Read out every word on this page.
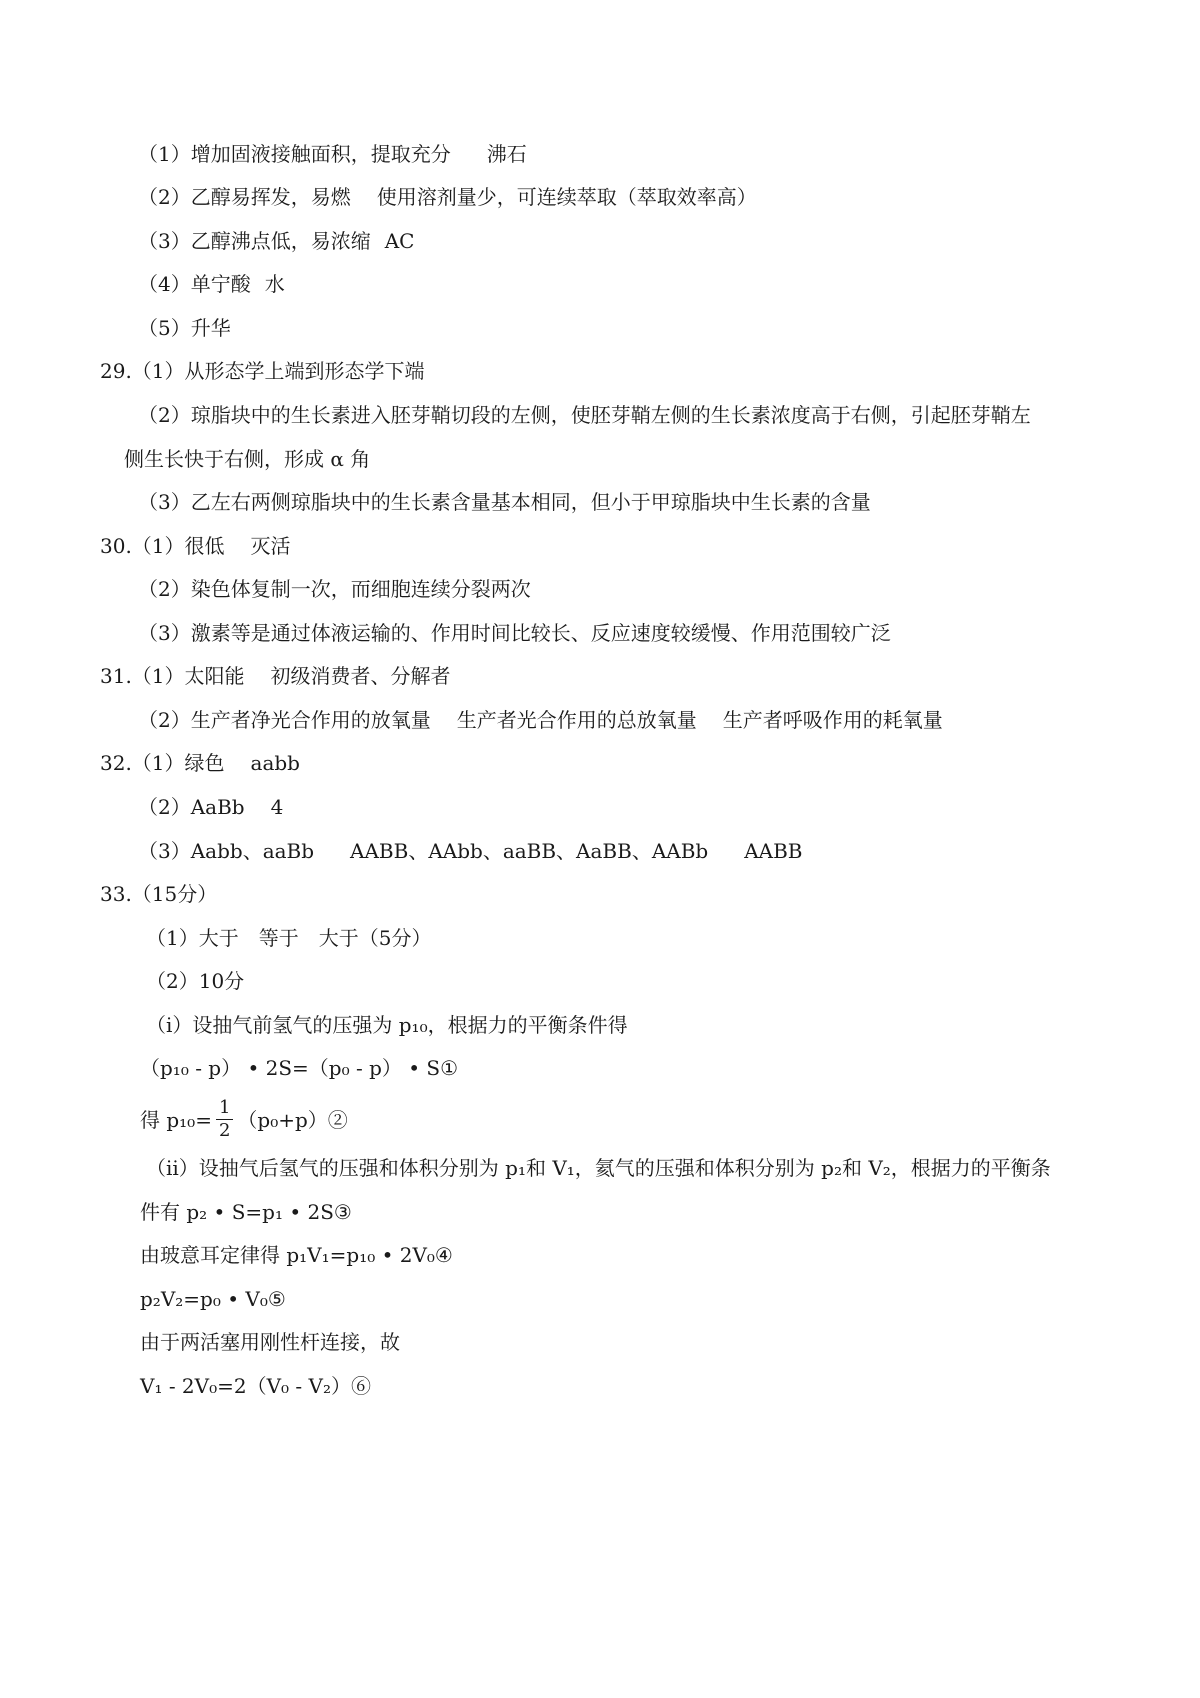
（1）增加固液接触面积，提取充分 沸石
（2）乙醇易挥发，易燃 使用溶剂量少，可连续萃取（萃取效率高）
（3）乙醇沸点低，易浓缩 AC
（4）单宁酸 水
（5）升华
29.（1）从形态学上端到形态学下端
（2）琼脂块中的生长素进入胚芽鞘切段的左侧，使胚芽鞘左侧的生长素浓度高于右侧，引起胚芽鞘左
侧生长快于右侧，形成 α 角
（3）乙左右两侧琼脂块中的生长素含量基本相同，但小于甲琼脂块中生长素的含量
30.（1）很低 灭活
（2）染色体复制一次，而细胞连续分裂两次
（3）激素等是通过体液运输的、作用时间比较长、反应速度较缓慢、作用范围较广泛
31.（1）太阳能 初级消费者、分解者
（2）生产者净光合作用的放氧量 生产者光合作用的总放氧量 生产者呼吸作用的耗氧量
32.（1）绿色 aabb
（2）AaBb 4
（3）Aabb、aaBb AABB、AAbb、aaBB、AaBB、AABb AABB
33.（15分）
（1）大于　等于　大于（5分）
（2）10分
（i）设抽气前氢气的压强为 p₁₀，根据力的平衡条件得
（p₁₀ - p） • 2S=（p₀ - p） • S①
得 $p_{10}= \frac{1}{2}$ （p₀+p）②
（ii）设抽气后氢气的压强和体积分别为 p₁和 V₁，氦气的压强和体积分别为 p₂和 V₂，根据力的平衡条
件有 p₂ • S=p₁ • 2S③
由玻意耳定律得 p₁V₁=p₁₀ • 2V₀④
p₂V₂=p₀ • V₀⑤
由于两活塞用刚性杆连接，故
V₁ - 2V₀=2（V₀ - V₂）⑥
